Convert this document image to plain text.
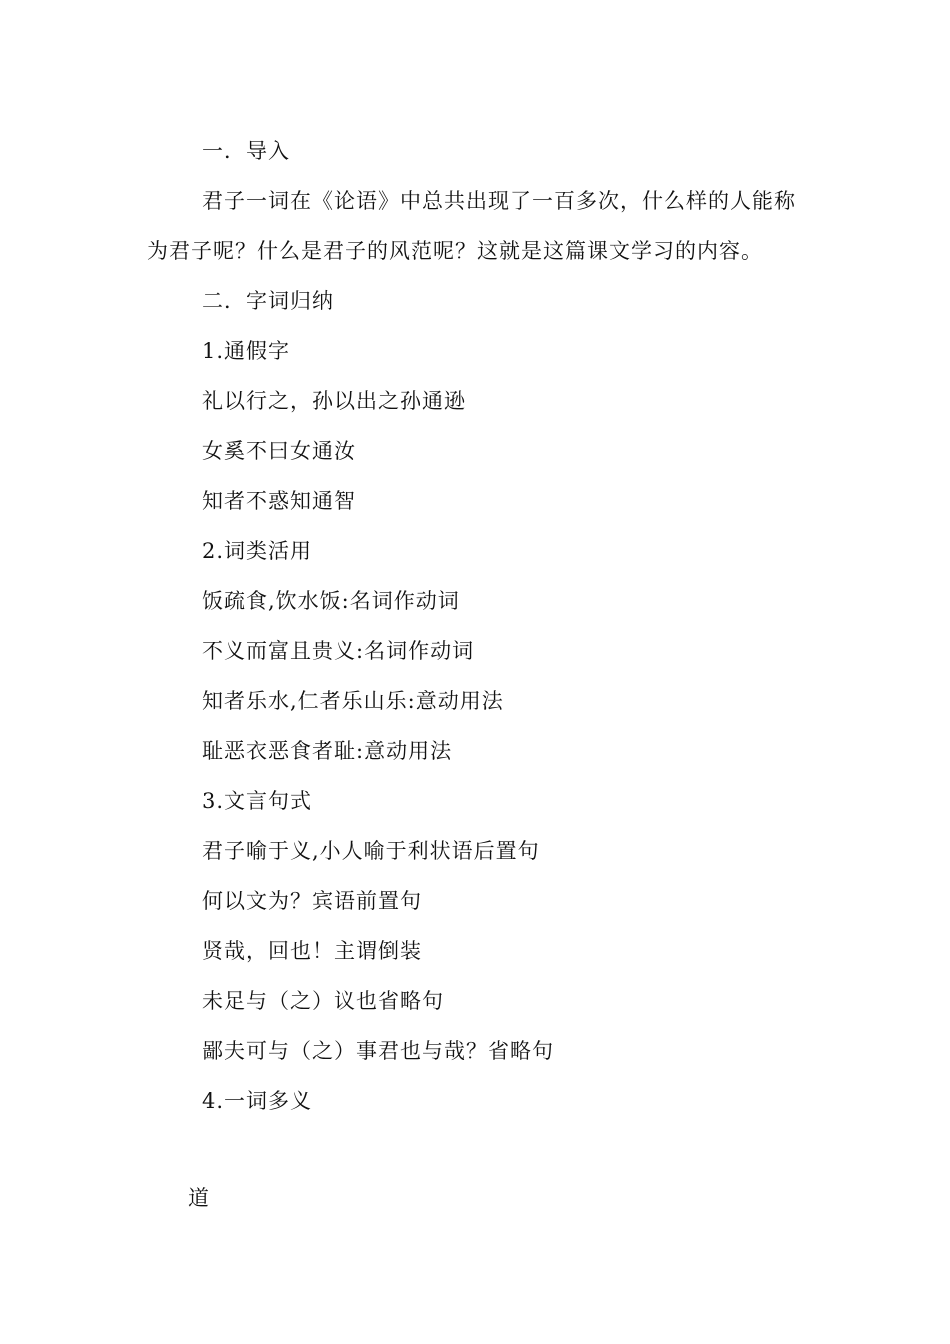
一．导入
君子一词在《论语》中总共出现了一百多次，什么样的人能称
为君子呢？什么是君子的风范呢？这就是这篇课文学习的内容。
二．字词归纳
1.通假字
礼以行之，孙以出之孙通逊
女奚不曰女通汝
知者不惑知通智
2.词类活用
饭疏食,饮水饭:名词作动词
不义而富且贵义:名词作动词
知者乐水,仁者乐山乐:意动用法
耻恶衣恶食者耻:意动用法
3.文言句式
君子喻于义,小人喻于利状语后置句
何以文为？宾语前置句
贤哉，回也！主谓倒装
未足与（之）议也省略句
鄙夫可与（之）事君也与哉？省略句
4.一词多义
道
